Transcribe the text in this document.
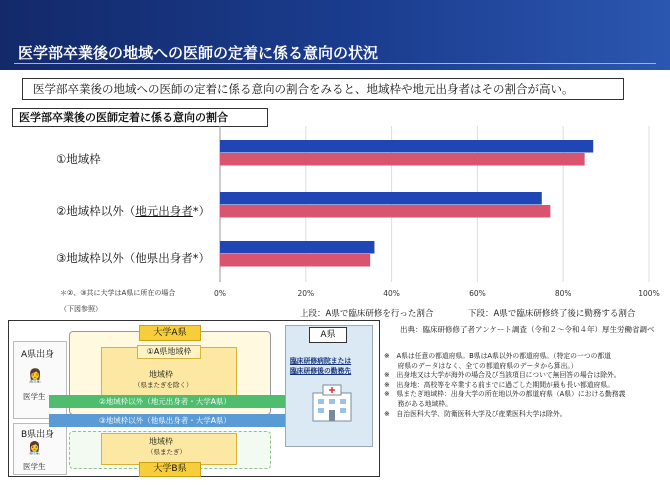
医学部卒業後の地域への医師の定着に係る意向の状況
医学部卒業後の地域への医師の定着に係る意向の割合をみると、地域枠や地元出身者はその割合が高い。
医学部卒業後の医師定着に係る意向の割合
①地域枠
②地域枠以外（地元出身者*）
③地域枠以外（他県出身者*）
＊②、③共に大学はA県に所在の場合
（下図参照）
0%	20%	40%	60%	80%	100%
上段：A県で臨床研修を行った割合	下段：A県で臨床研修終了後に勤務する割合
出典：臨床研修修了者アンケート調査（令和２～令和４年）厚生労働省調べ
※　A県は任意の都道府県。B県はA県以外の都道府県。（特定の一つの都道
　　府県のデータはなく、全ての都道府県のデータから算出。）
※　出身地又は大学が海外の場合及び当該項目について無回答の場合は除外。
※　出身地：高校等を卒業する前までに過ごした期間が最も長い都道府県。
※　県またぎ地域枠：出身大学の所在地以外の都道府県（A県）における勤務義
　　務がある地域枠。
※　自治医科大学、防衛医科大学及び産業医科大学は除外。
A県出身
👩‍⚕️
医学生
B県出身
👩‍⚕️
医学生
大学A県
①A県地域枠
地域枠
（県またぎを除く）
②地域枠以外（地元出身者・大学A県）
③地域枠以外（他県出身者・大学A県）
地域枠
（県またぎ）
大学B県
A県
臨床研修病院または
臨床研修後の勤務先
